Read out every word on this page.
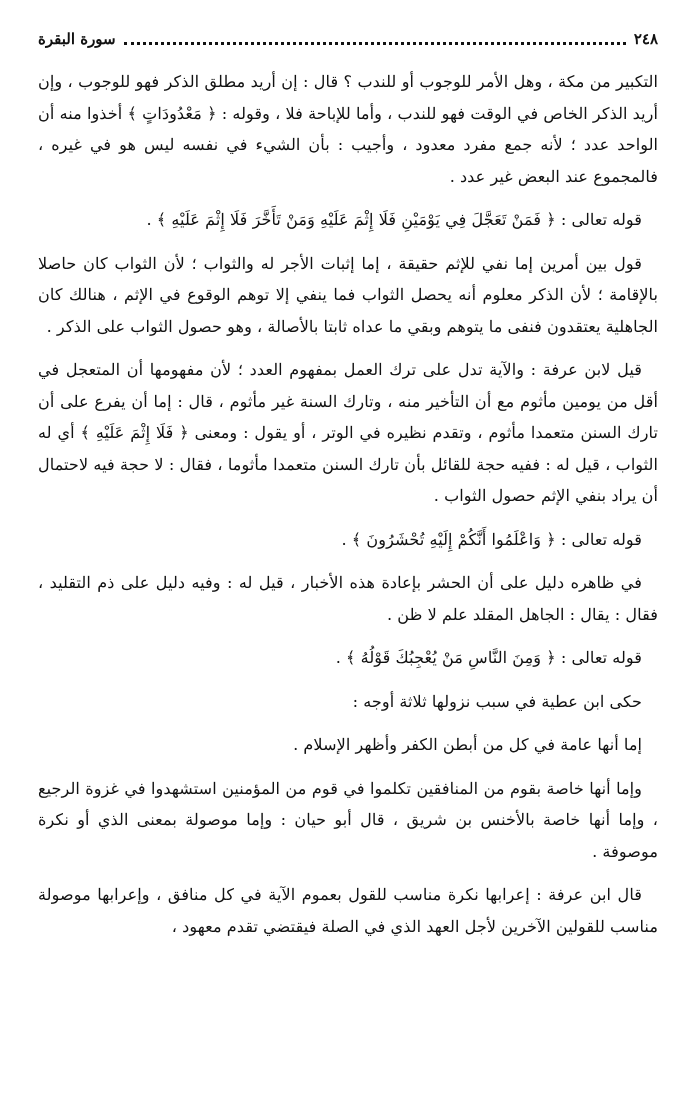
٢٤٨
سورة البقرة

التكبير من مكة ، وهل الأمر للوجوب أو للندب ؟ قال : إن أريد مطلق الذكر فهو للوجوب ، وإن أريد الذكر الخاص في الوقت فهو للندب ، وأما للإباحة فلا ، وقوله : ﴿ مَعْدُودَاتٍ ﴾ أخذوا منه أن الواحد عدد ؛ لأنه جمع مفرد معدود ، وأجيب : بأن الشيء في نفسه ليس هو في غيره ، فالمجموع عند البعض غير عدد .

قوله تعالى : ﴿ فَمَنْ تَعَجَّلَ فِي يَوْمَيْنِ فَلَا إِثْمَ عَلَيْهِ وَمَنْ تَأَخَّرَ فَلَا إِثْمَ عَلَيْهِ ﴾ .

قول بين أمرين إما نفي للإثم حقيقة ، إما إثبات الأجر له والثواب ؛ لأن الثواب كان حاصلا بالإقامة ؛ لأن الذكر معلوم أنه يحصل الثواب فما ينفي إلا توهم الوقوع في الإثم ، هنالك كان الجاهلية يعتقدون فنفى ما يتوهم وبقي ما عداه ثابتا بالأصالة ، وهو حصول الثواب على الذكر .

قيل لابن عرفة : والآية تدل على ترك العمل بمفهوم العدد ؛ لأن مفهومها أن المتعجل في أقل من يومين مأثوم مع أن التأخير منه ، وتارك السنة غير مأثوم ، قال : إما أن يفرع على أن تارك السنن متعمدا مأثوم ، وتقدم نظيره في الوتر ، أو يقول : ومعنى ﴿ فَلَا إِثْمَ عَلَيْهِ ﴾ أي له الثواب ، قيل له : ففيه حجة للقائل بأن تارك السنن متعمدا مأثوما ، فقال : لا حجة فيه لاحتمال أن يراد بنفي الإثم حصول الثواب .

قوله تعالى : ﴿ وَاعْلَمُوا أَنَّكُمْ إِلَيْهِ تُحْشَرُونَ ﴾ .

في ظاهره دليل على أن الحشر بإعادة هذه الأخبار ، قيل له : وفيه دليل على ذم التقليد ، فقال : يقال : الجاهل المقلد علم لا ظن .

قوله تعالى : ﴿ وَمِنَ النَّاسِ مَنْ يُعْجِبُكَ قَوْلُهُ ﴾ .

حكى ابن عطية في سبب نزولها ثلاثة أوجه :

إما أنها عامة في كل من أبطن الكفر وأظهر الإسلام .

وإما أنها خاصة بقوم من المنافقين تكلموا في قوم من المؤمنين استشهدوا في غزوة الرجيع ، وإما أنها خاصة بالأخنس بن شريق ، قال أبو حيان : وإما موصولة بمعنى الذي أو نكرة موصوفة .

قال ابن عرفة : إعرابها نكرة مناسب للقول بعموم الآية في كل منافق ، وإعرابها موصولة مناسب للقولين الآخرين لأجل العهد الذي في الصلة فيقتضي تقدم معهود ،
